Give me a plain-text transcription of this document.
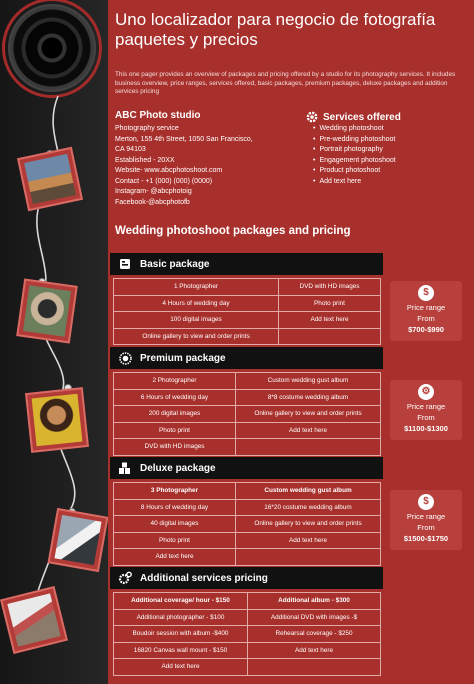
Uno localizador para negocio de fotografía paquetes y precios

This one pager provides an overview of packages and pricing offered by a studio for its photography services. It includes business overview, price ranges, services offered, basic packages, premium packages, deluxe packages and addition services pricing

ABC Photo studio
Photography service
Merton, 155 4th Street, 1050 San Francisco,
CA 94103
Established - 20XX
Website- www.abcphotoshoot.com
Contact - +1 (000) (000) (0000)
Instagram- @abcphotoig
Facebook-@abcphotofb
Services offered
• Wedding photoshoot
• Pre-wedding photoshoot
• Portrait photography
• Engagement photoshoot
• Product photoshoot
• Add text here
Wedding photoshoot packages and pricing
Basic package
1 Photographer	DVD with HD images
4 Hours of wedding day	Photo print
100 digital images	Add text here
Online gallery to view and order prints	
$
Price range
From
$700-$990
Premium package
2 Photographer	Custom wedding gust album
6 Hours of wedding day	8*8 costume wedding album
200 digital images	Online gallery to view and order prints
Photo print	Add text here
DVD with HD images	
⚙
Price range
From
$1100-$1300
Deluxe package
3 Photographer	Custom wedding gust album
8 Hours of wedding day	16*20 costume wedding album
40 digital images	Online gallery to view and order prints
Photo print	Add text here
Add text here	
$
Price range
From
$1500-$1750
Additional services pricing
Additional coverage/ hour - $150	Additional album - $300
Additional photographer - $100	Additional DVD with images -$
Boudoir session with album -$400	Rehearsal coverage - $250
16820 Canvas wall mount - $150	Add text here
Add text here	
